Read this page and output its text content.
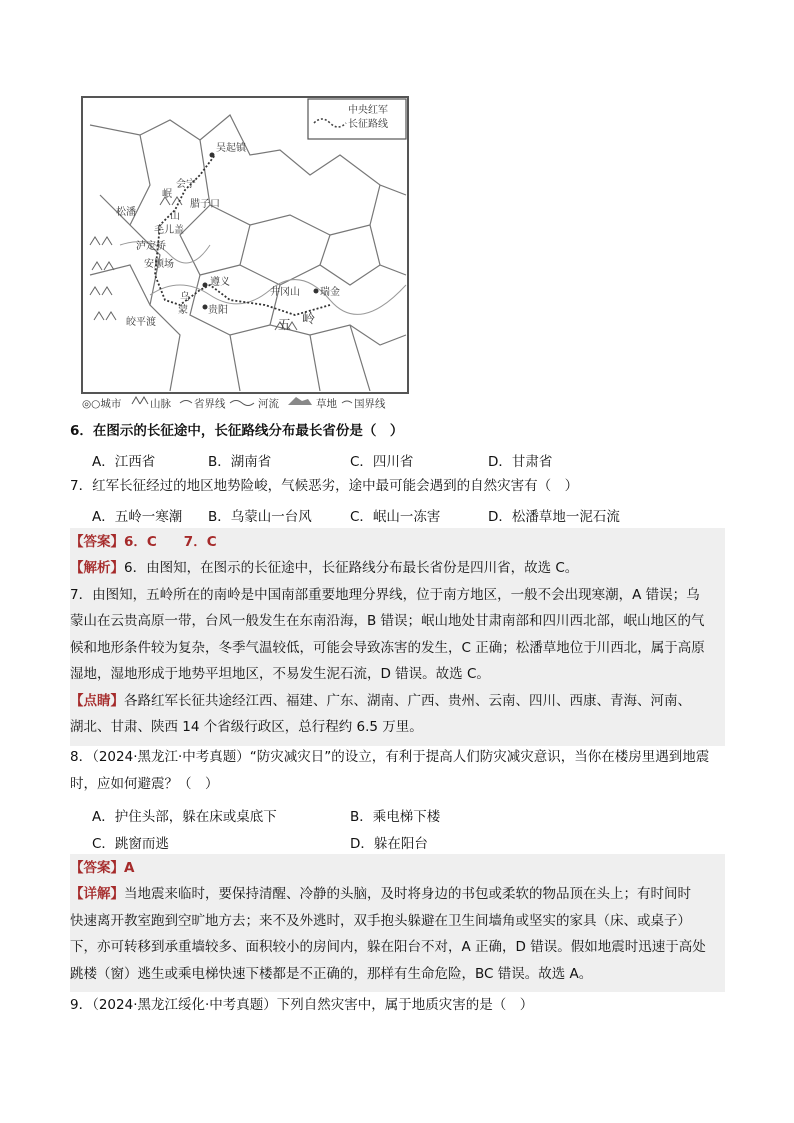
中央红军
长征路线
吴起镇
会宁
岷
腊子口
松潘	山
毛儿盖
泸定桥
安顺场
遵义
乌
蒙 贵阳
皎平渡
井冈山 瑞金
五 岭
◎○城市	山脉 省界线	河流	草地 国界线
6．在图示的长征途中，长征路线分布最长省份是（　）
A．江西省	B．湖南省	C．四川省	D．甘肃省
7．红军长征经过的地区地势险峻，气候恶劣，途中最可能会遇到的自然灾害有（　）
A．五岭一寒潮 B．乌蒙山一台风	C．岷山一冻害	D．松潘草地一泥石流
【答案】6．C　　7．C
【解析】6．由图知，在图示的长征途中，长征路线分布最长省份是四川省，故选 C。
7．由图知，五岭所在的南岭是中国南部重要地理分界线，位于南方地区，一般不会出现寒潮，A 错误；乌
蒙山在云贵高原一带，台风一般发生在东南沿海，B 错误；岷山地处甘肃南部和四川西北部，岷山地区的气
候和地形条件较为复杂，冬季气温较低，可能会导致冻害的发生，C 正确；松潘草地位于川西北，属于高原
湿地，湿地形成于地势平坦地区，不易发生泥石流，D 错误。故选 C。
【点睛】各路红军长征共途经江西、福建、广东、湖南、广西、贵州、云南、四川、西康、青海、河南、
湖北、甘肃、陕西 14 个省级行政区，总行程约 6.5 万里。
8．（2024·黑龙江·中考真题）“防灾减灾日”的设立，有利于提高人们防灾减灾意识，当你在楼房里遇到地震
时，应如何避震？（　）
A．护住头部，躲在床或桌底下	B．乘电梯下楼
C．跳窗而逃	D．躲在阳台
【答案】A
【详解】当地震来临时，要保持清醒、冷静的头脑，及时将身边的书包或柔软的物品顶在头上；有时间时
快速离开教室跑到空旷地方去；来不及外逃时，双手抱头躲避在卫生间墙角或坚实的家具（床、或桌子）
下，亦可转移到承重墙较多、面积较小的房间内，躲在阳台不对，A 正确，D 错误。假如地震时迅速于高处
跳楼（窗）逃生或乘电梯快速下楼都是不正确的，那样有生命危险，BC 错误。故选 A。
9．（2024·黑龙江绥化·中考真题）下列自然灾害中，属于地质灾害的是（　）
